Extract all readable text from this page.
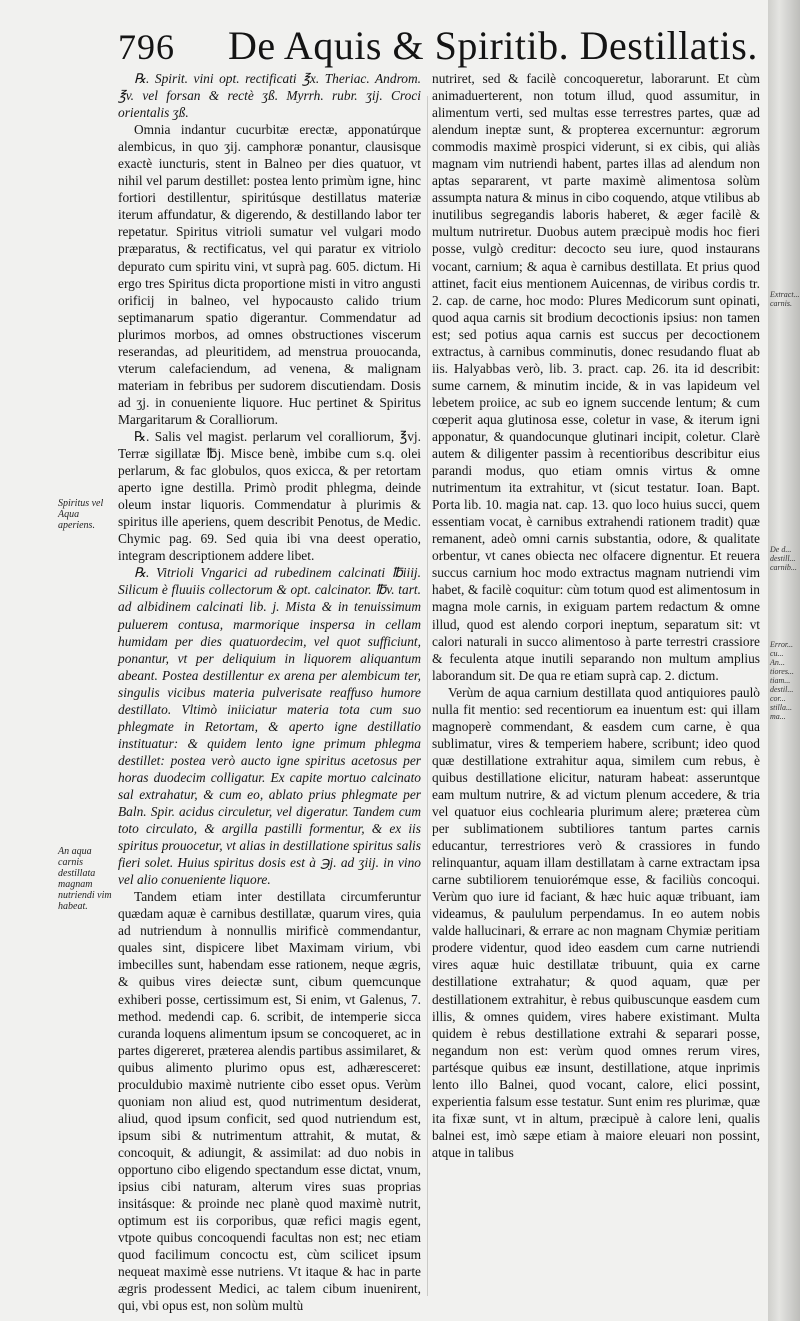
796 De Aquis & Spiritib. Destillatis.
Spiritus vel Aqua aperiens.
An aqua carnis destillata magnam nutriendi vim habeat.

℞. Spirit. vini opt. rectificati ℥x. Theriac. Androm. ℥v. vel forsan & rectè ʒß. Myrrh. rubr. ʒij. Croci orientalis ʒß.

Omnia indantur cucurbitæ erectæ, apponatúrque alembicus, in quo ʒij. camphoræ ponantur, clausisque exactè iuncturis, stent in Balneo per dies quatuor, vt nihil vel parum destillet: postea lento primùm igne, hinc fortiori destillentur, spiritúsque destillatus materiæ iterum affundatur, & digerendo, & destillando labor ter repetatur. Spiritus vitrioli sumatur vel vulgari modo præparatus, & rectificatus, vel qui paratur ex vitriolo depurato cum spiritu vini, vt suprà pag. 605. dictum. Hi ergo tres Spiritus dicta proportione misti in vitro angusti orificij in balneo, vel hypocausto calido trium septimanarum spatio digerantur. Commendatur ad plurimos morbos, ad omnes obstructiones viscerum reserandas, ad pleuritidem, ad menstrua prouocanda, vterum calefaciendum, ad venena, & malignam materiam in febribus per sudorem discutiendam. Dosis ad ʒj. in conueniente liquore. Huc pertinet & Spiritus Margaritarum & Coralliorum.

℞. Salis vel magist. perlarum vel coralliorum, ℥vj. Terræ sigillatæ ℔j. Misce benè, imbibe cum s.q. olei perlarum, & fac globulos, quos exicca, & per retortam aperto igne destilla. Primò prodit phlegma, deinde oleum instar liquoris. Commendatur à plurimis & spiritus ille aperiens, quem describit Penotus, de Medic. Chymic pag. 69. Sed quia ibi vna deest operatio, integram descriptionem addere libet.

℞. Vitrioli Vngarici ad rubedinem calcinati ℔iiij. Silicum è fluuiis collectorum & opt. calcinator. ℔v. tart. ad albidinem calcinati lib. j. Mista & in tenuissimum puluerem contusa, marmorique inspersa in cellam humidam per dies quatuordecim, vel quot sufficiunt, ponantur, vt per deliquium in liquorem aliquantum abeant. Postea destillentur ex arena per alembicum ter, singulis vicibus materia pulverisate reaffuso humore destillato. Vltimò iniiciatur materia tota cum suo phlegmate in Retortam, & aperto igne destillatio instituatur: & quidem lento igne primum phlegma destillet: postea verò aucto igne spiritus acetosus per horas duodecim colligatur. Ex capite mortuo calcinato sal extrahatur, & cum eo, ablato prius phlegmate per Baln. Spir. acidus circuletur, vel digeratur. Tandem cum toto circulato, & argilla pastilli formentur, & ex iis spiritus prouocetur, vt alias in destillatione spiritus salis fieri solet. Huius spiritus dosis est à ℈j. ad ʒiij. in vino vel alio conueniente liquore.

Tandem etiam inter destillata circumferuntur quædam aquæ è carnibus destillatæ, quarum vires, quia ad nutriendum à nonnullis mirificè commendantur, quales sint, dispicere libet Maximam virium, vbi imbecilles sunt, habendam esse rationem, neque ægris, & quibus vires deiectæ sunt, cibum quemcunque exhiberi posse, certissimum est, Si enim, vt Galenus, 7. method. medendi cap. 6. scribit, de intemperie sicca curanda loquens alimentum ipsum se concoqueret, ac in partes digereret, præterea alendis partibus assimilaret, & quibus alimento plurimo opus est, adhæresceret: proculdubio maximè nutriente cibo esset opus. Verùm quoniam non aliud est, quod nutrimentum desiderat, aliud, quod ipsum conficit, sed quod nutriendum est, ipsum sibi & nutrimentum attrahit, & mutat, & concoquit, & adiungit, & assimilat: ad duo nobis in opportuno cibo eligendo spectandum esse dictat, vnum, ipsius cibi naturam, alterum vires suas proprias insitásque: & proinde nec planè quod maximè nutrit, optimum est iis corporibus, quæ refici magis egent, vtpote quibus concoquendi facultas non est; nec etiam quod facilimum concoctu est, cùm scilicet ipsum nequeat maximè esse nutriens. Vt itaque & hac in parte ægris prodessent Medici, ac talem cibum inuenirent, qui, vbi opus est, non solùm multù

nutriret, sed & facilè concoqueretur, laborarunt. Et cùm animaduerterent, non totum illud, quod assumitur, in alimentum verti, sed multas esse terrestres partes, quæ ad alendum ineptæ sunt, & propterea excernuntur: ægrorum commodis maximè prospici viderunt, si ex cibis, qui aliàs magnam vim nutriendi habent, partes illas ad alendum non aptas separarent, vt parte maximè alimentosa solùm assumpta natura & minus in cibo coquendo, atque vtilibus ab inutilibus segregandis laboris haberet, & æger facilè & multum nutriretur. Duobus autem præcipuè modis hoc fieri posse, vulgò creditur: decocto seu iure, quod instaurans vocant, carnium; & aqua è carnibus destillata. Et prius quod attinet, facit eius mentionem Auicennas, de viribus cordis tr. 2. cap. de carne, hoc modo: Plures Medicorum sunt opinati, quod aqua carnis sit brodium decoctionis ipsius: non tamen est; sed potius aqua carnis est succus per decoctionem extractus, à carnibus comminutis, donec resudando fluat ab iis. Halyabbas verò, lib. 3. pract. cap. 26. ita id describit: sume carnem, & minutim incide, & in vas lapideum vel lebetem proiice, ac sub eo ignem succende lentum; & cum cœperit aqua glutinosa esse, coletur in vase, & iterum igni apponatur, & quandocunque glutinari incipit, coletur. Clarè autem & diligenter passim à recentioribus describitur eius parandi modus, quo etiam omnis virtus & omne nutrimentum ita extrahitur, vt (sicut testatur. Ioan. Bapt. Porta lib. 10. magia nat. cap. 13. quo loco huius succi, quem essentiam vocat, è carnibus extrahendi rationem tradit) quæ remanent, adeò omni carnis substantia, odore, & qualitate orbentur, vt canes obiecta nec olfacere dignentur. Et reuera succus carnium hoc modo extractus magnam nutriendi vim habet, & facilè coquitur: cùm totum quod est alimentosum in magna mole carnis, in exiguam partem redactum & omne illud, quod est alendo corpori ineptum, separatum sit: vt calori naturali in succo alimentoso à parte terrestri crassiore & feculenta atque inutili separando non multum amplius laborandum sit. De qua re etiam suprà cap. 2. dictum.

Verùm de aqua carnium destillata quod antiquiores paulò nulla fit mentio: sed recentiorum ea inuentum est: qui illam magnoperè commendant, & easdem cum carne, è qua sublimatur, vires & temperiem habere, scribunt; ideo quod quæ destillatione extrahitur aqua, similem cum rebus, è quibus destillatione elicitur, naturam habeat: asseruntque eam multum nutrire, & ad victum plenum accedere, & tria vel quatuor eius cochlearia plurimum alere; præterea cùm per sublimationem subtiliores tantum partes carnis educantur, terrestriores verò & crassiores in fundo relinquantur, aquam illam destillatam à carne extractam ipsa carne subtiliorem tenuiorémque esse, & faciliùs concoqui. Verùm quo iure id faciant, & hæc huic aquæ tribuant, iam videamus, & paululum perpendamus. In eo autem nobis valde hallucinari, & errare ac non magnam Chymiæ peritiam prodere videntur, quod ideo easdem cum carne nutriendi vires aquæ huic destillatæ tribuunt, quia ex carne destillatione extrahatur; & quod aquam, quæ per destillationem extrahitur, è rebus quibuscunque easdem cum illis, & omnes quidem, vires habere existimant. Multa quidem è rebus destillatione extrahi & separari posse, negandum non est: verùm quod omnes rerum vires, partésque quibus eæ insunt, destillatione, atque inprimis lento illo Balnei, quod vocant, calore, elici possint, experientia falsum esse testatur. Sunt enim res plurimæ, quæ ita fixæ sunt, vt in altum, præcipuè à calore leni, qualis balnei est, imò sæpe etiam à maiore eleuari non possint, atque in talibus

Extract... carnis.
De d... destill... carnib...
Error... cu... An... tiores... tiam... destil... cor... stilla... ma...
